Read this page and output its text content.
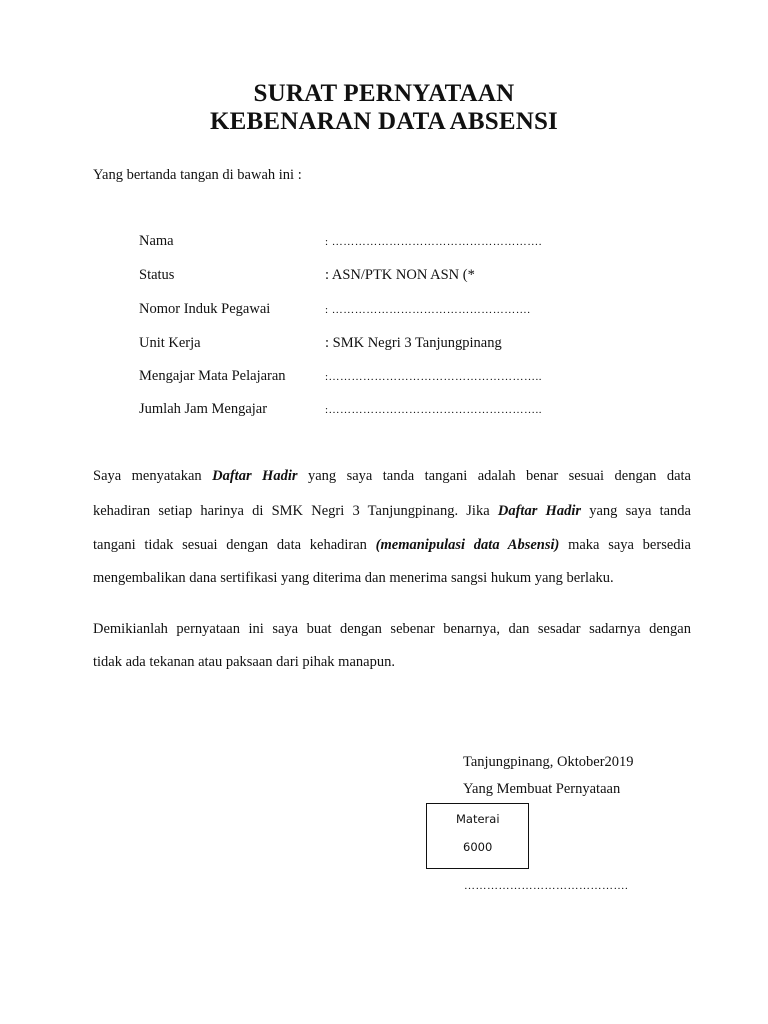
SURAT PERNYATAAN
KEBENARAN DATA ABSENSI
Yang bertanda tangan di bawah ini :
Nama	: ……………………………………………….
Status	: ASN/PTK NON ASN (*
Nomor Induk Pegawai	: …………………………………………….
Unit Kerja	: SMK Negri 3 Tanjungpinang
Mengajar Mata Pelajaran	:………………………………………………..
Jumlah Jam Mengajar	:………………………………………………..
Saya menyatakan Daftar Hadir yang saya tanda tangani adalah benar sesuai dengan data
kehadiran setiap harinya di SMK Negri 3 Tanjungpinang. Jika Daftar Hadir yang saya tanda
tangani tidak sesuai dengan data kehadiran (memanipulasi data Absensi) maka saya bersedia
mengembalikan dana sertifikasi yang diterima dan menerima sangsi hukum yang berlaku.
Demikianlah pernyataan ini saya buat dengan sebenar benarnya, dan sesadar sadarnya dengan
tidak ada tekanan atau paksaan dari pihak manapun.
Tanjungpinang, Oktober2019
Yang Membuat Pernyataan
Materai
6000
…………………………………….
